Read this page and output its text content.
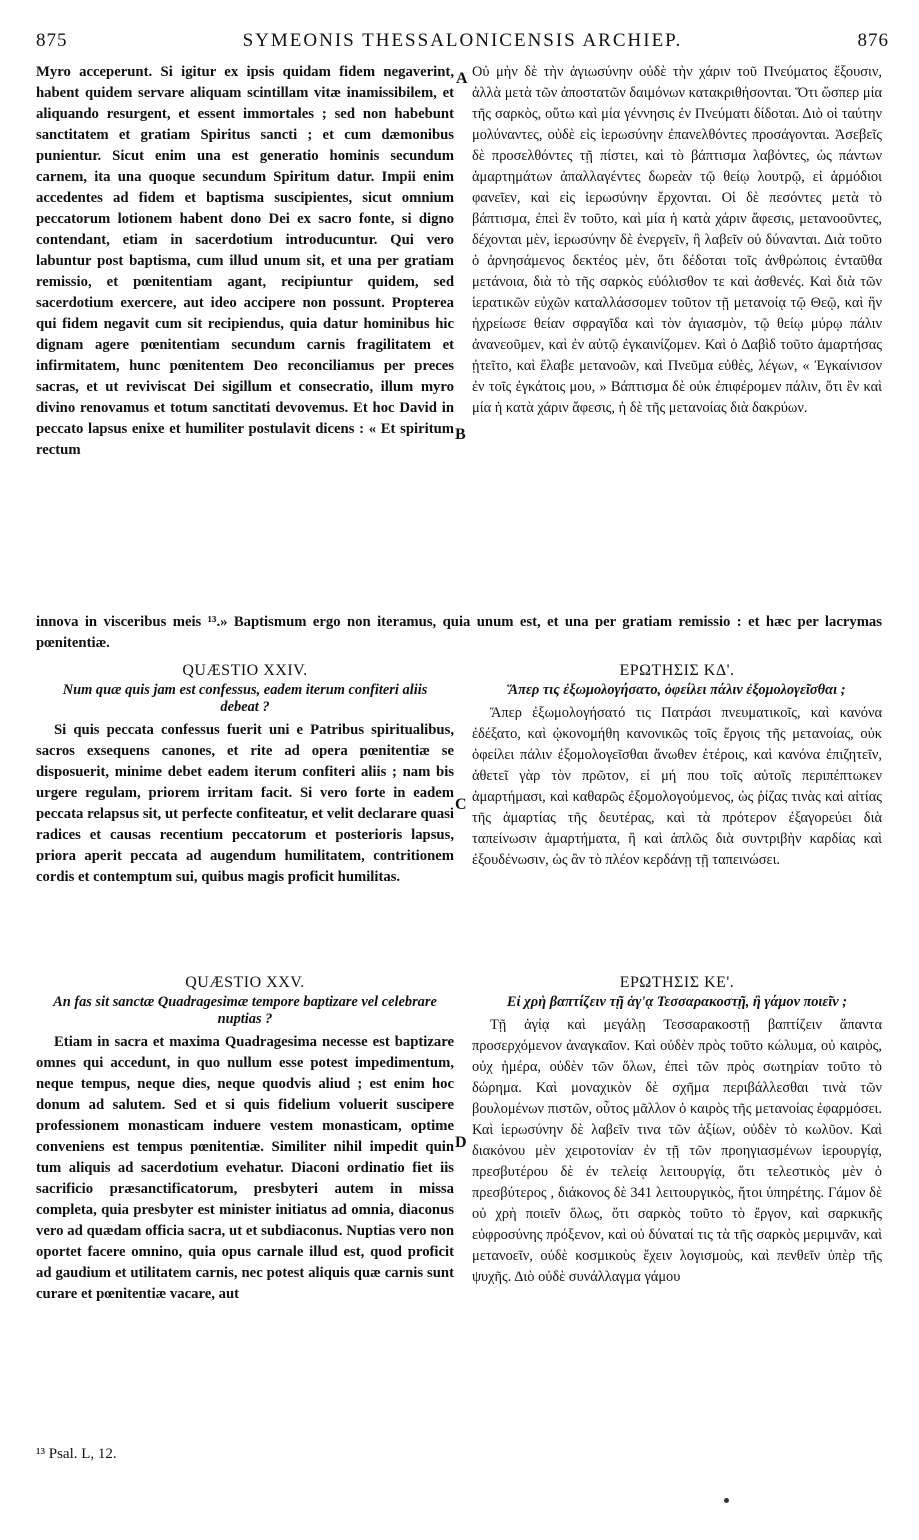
875	SYMEONIS THESSALONICENSIS ARCHIEP.	876
A
B
C
D

Myro acceperunt. Si igitur ex ipsis quidam fidem negaverint, habent quidem servare aliquam scintillam vitæ inamissibilem, et aliquando resurgent, et essent immortales ; sed non habebunt sanctitatem et gratiam Spiritus sancti ; et cum dæmonibus punientur. Sicut enim una est generatio hominis secundum carnem, ita una quoque secundum Spiritum datur. Impii enim accedentes ad fidem et baptisma suscipientes, sicut omnium peccatorum lotionem habent dono Dei ex sacro fonte, si digno contendant, etiam in sacerdotium introducuntur. Qui vero labuntur post baptisma, cum illud unum sit, et una per gratiam remissio, et pœnitentiam agant, recipiuntur quidem, sed sacerdotium exercere, aut ideo accipere non possunt. Propterea qui fidem negavit cum sit recipiendus, quia datur hominibus hic dignam agere pœnitentiam secundum carnis fragilitatem et infirmitatem, hunc pœnitentem Deo reconciliamus per preces sacras, et ut reviviscat Dei sigillum et consecratio, illum myro divino renovamus et totum sanctitati devovemus. Et hoc David in peccato lapsus enixe et humiliter postulavit dicens : « Et spiritum rectum

Οὐ μὴν δὲ τὴν ἁγιωσύνην οὐδὲ τὴν χάριν τοῦ Πνεύματος ἕξουσιν, ἀλλὰ μετὰ τῶν ἀποστατῶν δαιμόνων κατακριθήσονται. Ὅτι ὥσπερ μία τῆς σαρκὸς, οὕτω καὶ μία γέννησις ἐν Πνεύματι δίδοται. Διὸ οἱ ταύτην μολύναντες, οὐδὲ εἰς ἱερωσύνην ἐπανελθόντες προσάγονται. Ἀσεβεῖς δὲ προσελθόντες τῇ πίστει, καὶ τὸ βάπτισμα λαβόντες, ὡς πάντων ἁμαρτημάτων ἀπαλλαγέντες δωρεὰν τῷ θείῳ λουτρῷ, εἰ ἁρμόδιοι φανεῖεν, καὶ εἰς ἱερωσύνην ἔρχονται. Οἱ δὲ πεσόντες μετὰ τὸ βάπτισμα, ἐπεὶ ἓν τοῦτο, καὶ μία ἡ κατὰ χάριν ἄφεσις, μετανοοῦντες, δέχονται μὲν, ἱερωσύνην δὲ ἐνεργεῖν, ἢ λαβεῖν οὐ δύνανται. Διὰ τοῦτο ὁ ἀρνησάμενος δεκτέος μὲν, ὅτι δέδοται τοῖς ἀνθρώποις ἐνταῦθα μετάνοια, διὰ τὸ τῆς σαρκὸς εὐόλισθον τε καὶ ἀσθενές. Καὶ διὰ τῶν ἱερατικῶν εὐχῶν καταλλάσσομεν τοῦτον τῇ μετανοίᾳ τῷ Θεῷ, καὶ ἣν ἠχρείωσε θείαν σφραγῖδα καὶ τὸν ἁγιασμὸν, τῷ θείῳ μύρῳ πάλιν ἀνανεοῦμεν, καὶ ἐν αὐτῷ ἐγκαινίζομεν. Καὶ ὁ Δαβὶδ τοῦτο ἁμαρτήσας ᾐτεῖτο, καὶ ἔλαβε μετανοῶν, καὶ Πνεῦμα εὐθὲς, λέγων, « Ἐγκαίνισον ἐν τοῖς ἐγκάτοις μου, » Βάπτισμα δὲ οὐκ ἐπιφέρομεν πάλιν, ὅτι ἓν καὶ μία ἡ κατὰ χάριν ἄφεσις, ἡ δὲ τῆς μετανοίας διὰ δακρύων.

innova in visceribus meis ¹³.» Baptismum ergo non iteramus, quia unum est, et una per gratiam remissio : et hæc per lacrymas pœnitentiæ.

QUÆSTIO XXIV.

Num quæ quis jam est confessus, eadem iterum confiteri aliis debeat ?

Si quis peccata confessus fuerit uni e Patribus spiritualibus, sacros exsequens canones, et rite ad opera pœnitentiæ se disposuerit, minime debet eadem iterum confiteri aliis ; nam bis urgere regulam, priorem irritam facit. Si vero forte in eadem peccata relapsus sit, ut perfecte confiteatur, et velit declarare quasi radices et causas recentium peccatorum et posterioris lapsus, priora aperit peccata ad augendum humilitatem, contritionem cordis et contemptum sui, quibus magis proficit humilitas.

ΕΡΩΤΗΣΙΣ ΚΔ'.

Ἅπερ τις ἐξωμολογήσατο, ὀφείλει πάλιν ἐξομολογεῖσθαι ;

Ἅπερ ἐξωμολογήσατό τις Πατράσι πνευματικοῖς, καὶ κανόνα ἐδέξατο, καὶ ᾠκονομήθη κανονικῶς τοῖς ἔργοις τῆς μετανοίας, οὐκ ὀφείλει πάλιν ἐξομολογεῖσθαι ἄνωθεν ἑτέροις, καὶ κανόνα ἐπιζητεῖν, ἀθετεῖ γὰρ τὸν πρῶτον, εἰ μή που τοῖς αὐτοῖς περιπέπτωκεν ἁμαρτήμασι, καὶ καθαρῶς ἐξομολογούμενος, ὡς ῥίζας τινὰς καὶ αἰτίας τῆς ἁμαρτίας τῆς δευτέρας, καὶ τὰ πρότερον ἐξαγορεύει διὰ ταπείνωσιν ἁμαρτήματα, ἢ καὶ ἁπλῶς διὰ συντριβὴν καρδίας καὶ ἐξουδένωσιν, ὡς ἂν τὸ πλέον κερδάνῃ τῇ ταπεινώσει.

QUÆSTIO XXV.

An fas sit sanctæ Quadragesimæ tempore baptizare vel celebrare nuptias ?

Etiam in sacra et maxima Quadragesima necesse est baptizare omnes qui accedunt, in quo nullum esse potest impedimentum, neque tempus, neque dies, neque quodvis aliud ; est enim hoc donum ad salutem. Sed et si quis fidelium voluerit suscipere professionem monasticam induere vestem monasticam, optime conveniens est tempus pœnitentiæ. Similiter nihil impedit quin tum aliquis ad sacerdotium evehatur. Diaconi ordinatio fiet iis sacrificio præsanctificatorum, presbyteri autem in missa completa, quia presbyter est minister initiatus ad omnia, diaconus vero ad quædam officia sacra, ut et subdiaconus. Nuptias vero non oportet facere omnino, quia opus carnale illud est, quod proficit ad gaudium et utilitatem carnis, nec potest aliquis quæ carnis sunt curare et pœnitentiæ vacare, aut

ΕΡΩΤΗΣΙΣ ΚΕ'.

Εἰ χρὴ βαπτίζειν τῇ ἁγ'ᾳ Τεσσαρακοστῇ, ἢ γάμον ποιεῖν ;

Τῇ ἁγίᾳ καὶ μεγάλῃ Τεσσαρακοστῇ βαπτίζειν ἅπαντα προσερχόμενον ἀναγκαῖον. Καὶ οὐδὲν πρὸς τοῦτο κώλυμα, οὐ καιρὸς, οὐχ ἡμέρα, οὐδὲν τῶν ὅλων, ἐπεὶ τῶν πρὸς σωτηρίαν τοῦτο τὸ δώρημα. Καὶ μοναχικὸν δὲ σχῆμα περιβάλλεσθαι τινὰ τῶν βουλομένων πιστῶν, οὗτος μᾶλλον ὁ καιρὸς τῆς μετανοίας ἐφαρμόσει. Καὶ ἱερωσύνην δὲ λαβεῖν τινα τῶν ἀξίων, οὐδὲν τὸ κωλῦον. Καὶ διακόνου μὲν χειροτονίαν ἐν τῇ τῶν προηγιασμένων ἱερουργίᾳ, πρεσβυτέρου δὲ ἐν τελείᾳ λειτουργίᾳ, ὅτι τελεστικὸς μὲν ὁ πρεσβύτερος , διάκονος δὲ 341 λειτουργικὸς, ἤτοι ὑπηρέτης. Γάμον δὲ οὐ χρὴ ποιεῖν ὅλως, ὅτι σαρκὸς τοῦτο τὸ ἔργον, καὶ σαρκικῆς εὐφροσύνης πρόξενον, καὶ οὐ δύναταί τις τὰ τῆς σαρκὸς μεριμνᾶν, καὶ μετανοεῖν, οὐδὲ κοσμικοὺς ἔχειν λογισμοὺς, καὶ πενθεῖν ὑπὲρ τῆς ψυχῆς. Διὸ οὐδὲ συνάλλαγμα γάμου

¹³ Psal. L, 12.
